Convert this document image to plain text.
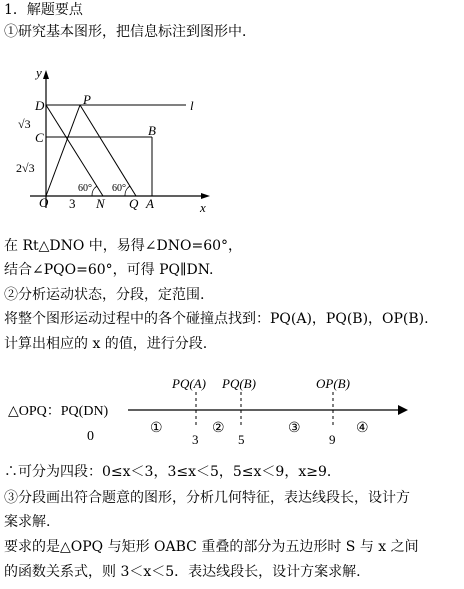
1．解题要点
①研究基本图形，把信息标注到图形中．
y
D	P	l
√3
C	B
2√3
60° 60°
O 3 N Q A	x
△OPQ：PQ(DN)
0
PQ(A) PQ(B)	OP(B)
3	5	9
①	②	③	④
在 Rt△DNO 中，易得∠DNO=60°，
结合∠PQO=60°，可得 PQ∥DN.
②分析运动状态，分段，定范围.
将整个图形运动过程中的各个碰撞点找到：PQ(A)，PQ(B)，OP(B).
计算出相应的 x 的值，进行分段.
∴可分为四段：0≤x＜3，3≤x＜5，5≤x＜9，x≥9．
③分段画出符合题意的图形，分析几何特征，表达线段长，设计方
案求解.
要求的是△OPQ 与矩形 OABC 重叠的部分为五边形时 S 与 x 之间
的函数关系式，则 3＜x＜5．表达线段长，设计方案求解.
